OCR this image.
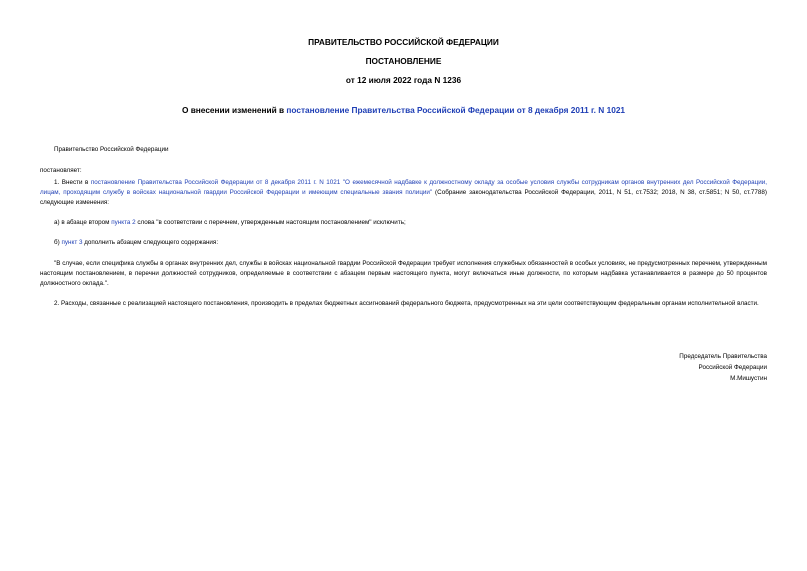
ПРАВИТЕЛЬСТВО РОССИЙСКОЙ ФЕДЕРАЦИИ
ПОСТАНОВЛЕНИЕ
от 12 июля 2022 года N 1236
О внесении изменений в постановление Правительства Российской Федерации от 8 декабря 2011 г. N 1021
Правительство Российской Федерации
постановляет:
1. Внести в постановление Правительства Российской Федерации от 8 декабря 2011 г. N 1021 "О ежемесячной надбавке к должностному окладу за особые условия службы сотрудникам органов внутренних дел Российской Федерации, лицам, проходящим службу в войсках национальной гвардии Российской Федерации и имеющим специальные звания полиции" (Собрание законодательства Российской Федерации, 2011, N 51, ст.7532; 2018, N 38, ст.5851; N 50, ст.7788) следующие изменения:
а) в абзаце втором пункта 2 слова "в соответствии с перечнем, утвержденным настоящим постановлением" исключить;
б) пункт 3 дополнить абзацем следующего содержания:
"В случае, если специфика службы в органах внутренних дел, службы в войсках национальной гвардии Российской Федерации требует исполнения служебных обязанностей в особых условиях, не предусмотренных перечнем, утвержденным настоящим постановлением, в перечни должностей сотрудников, определяемые в соответствии с абзацем первым настоящего пункта, могут включаться иные должности, по которым надбавка устанавливается в размере до 50 процентов должностного оклада.".
2. Расходы, связанные с реализацией настоящего постановления, производить в пределах бюджетных ассигнований федерального бюджета, предусмотренных на эти цели соответствующим федеральным органам исполнительной власти.
Председатель Правительства
Российской Федерации
М.Мишустин
